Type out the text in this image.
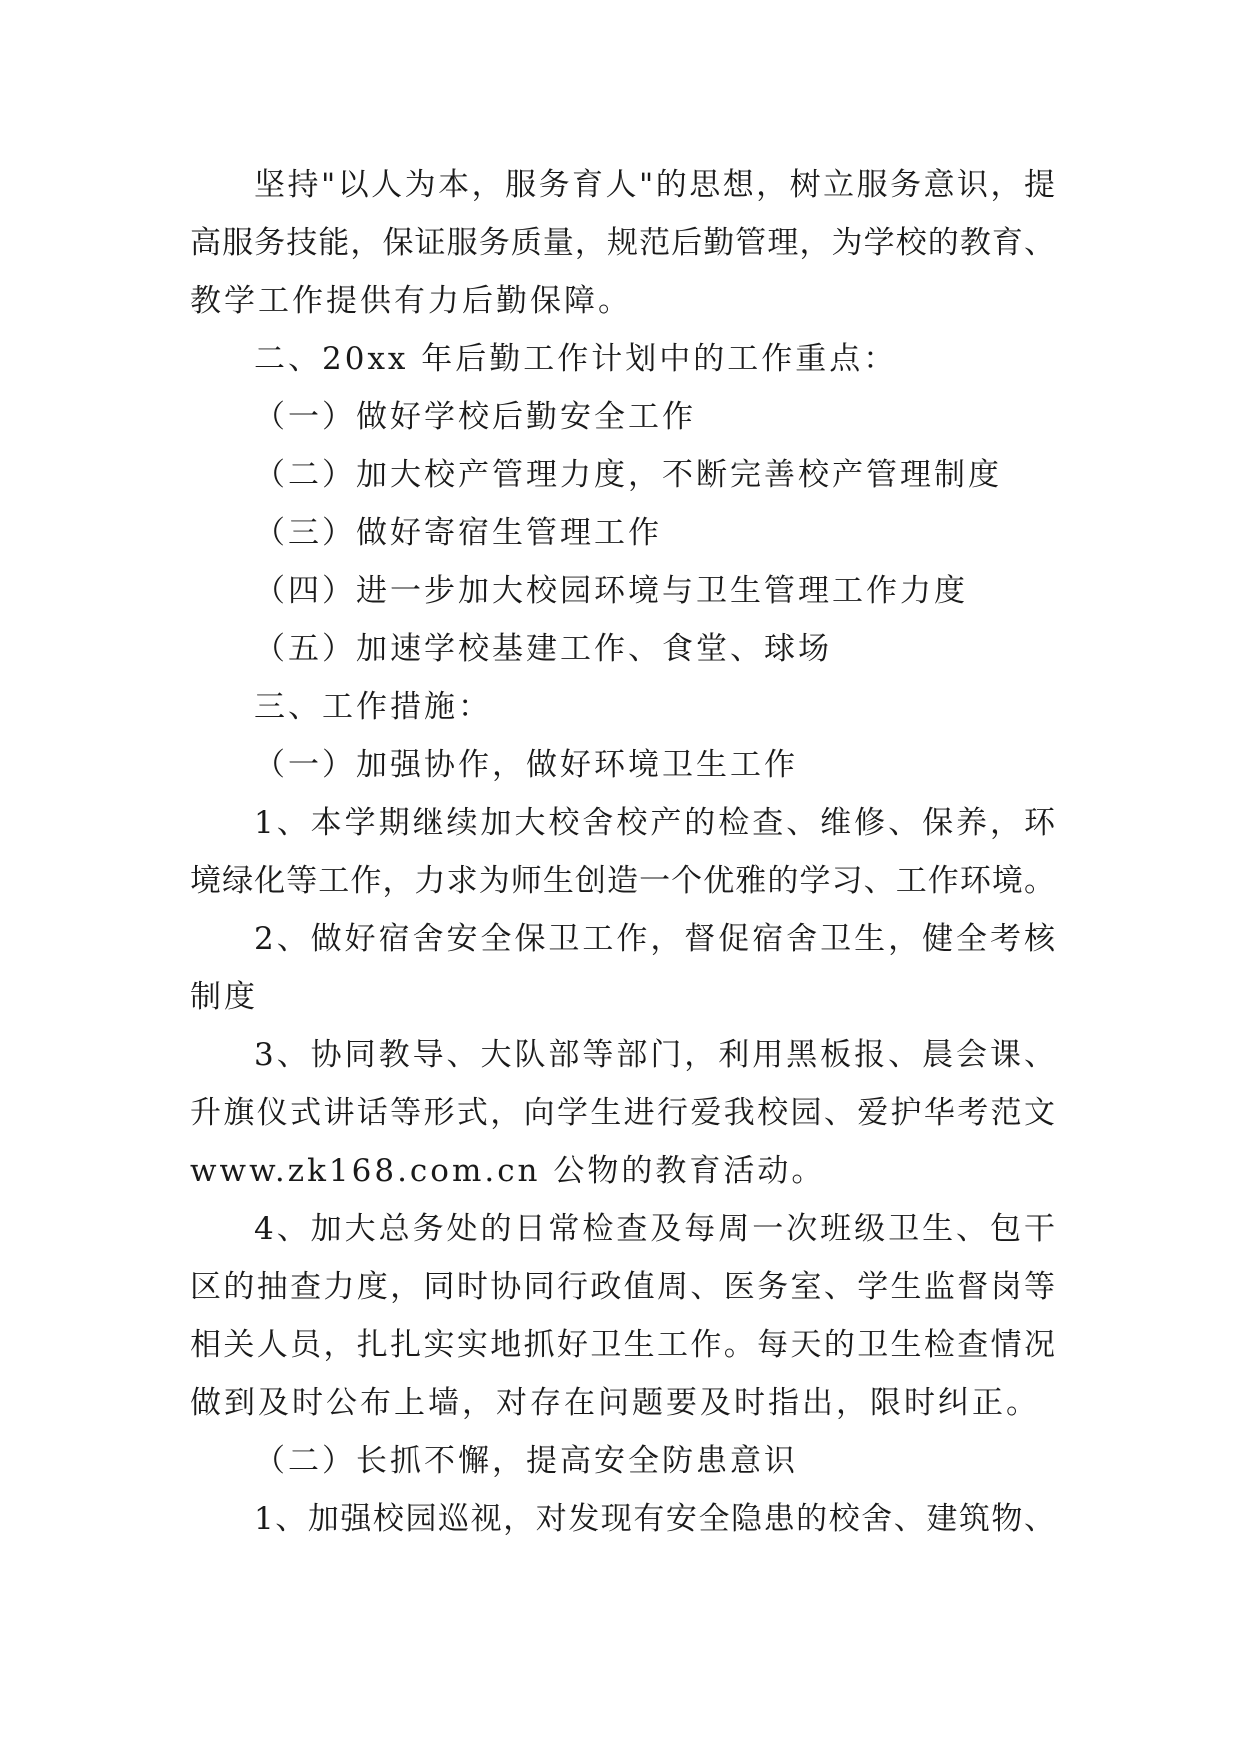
坚持"以人为本，服务育人"的思想，树立服务意识，提
高服务技能，保证服务质量，规范后勤管理，为学校的教育、
教学工作提供有力后勤保障。
二、20xx 年后勤工作计划中的工作重点：
（一）做好学校后勤安全工作
（二）加大校产管理力度，不断完善校产管理制度
（三）做好寄宿生管理工作
（四）进一步加大校园环境与卫生管理工作力度
（五）加速学校基建工作、食堂、球场
三、工作措施：
（一）加强协作，做好环境卫生工作
1、本学期继续加大校舍校产的检查、维修、保养，环
境绿化等工作，力求为师生创造一个优雅的学习、工作环境。
2、做好宿舍安全保卫工作，督促宿舍卫生，健全考核
制度
3、协同教导、大队部等部门，利用黑板报、晨会课、
升旗仪式讲话等形式，向学生进行爱我校园、爱护华考范文
www.zk168.com.cn 公物的教育活动。
4、加大总务处的日常检查及每周一次班级卫生、包干
区的抽查力度，同时协同行政值周、医务室、学生监督岗等
相关人员，扎扎实实地抓好卫生工作。每天的卫生检查情况
做到及时公布上墙，对存在问题要及时指出，限时纠正。
（二）长抓不懈，提高安全防患意识
1、加强校园巡视，对发现有安全隐患的校舍、建筑物、
